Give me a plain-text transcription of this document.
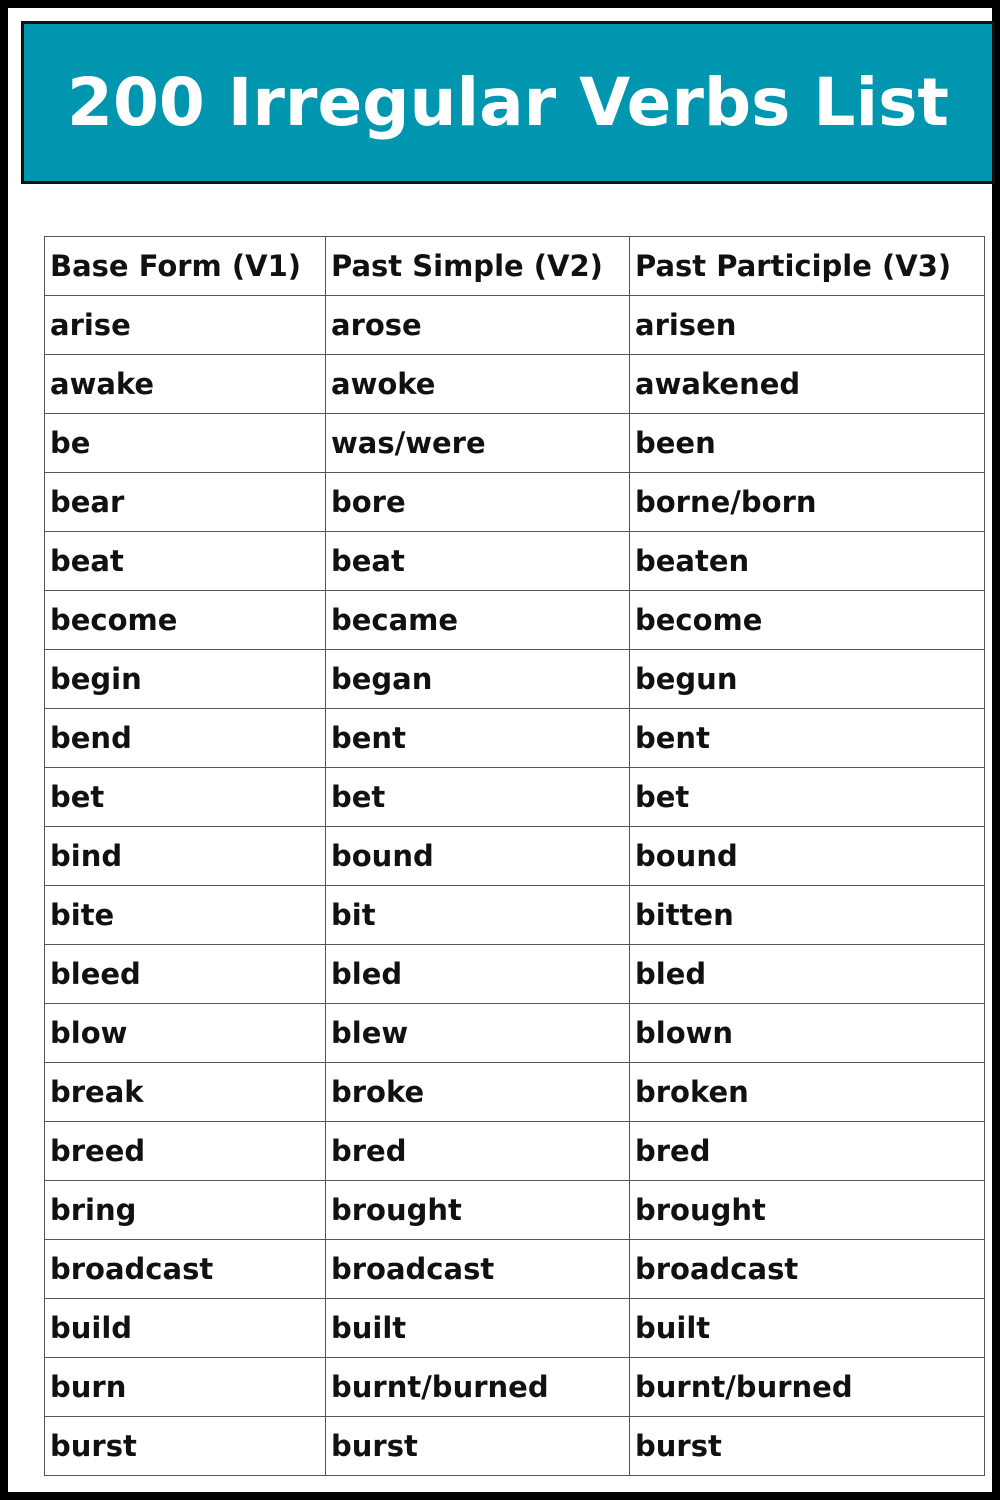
200 Irregular Verbs List
Base Form (V1)	Past Simple (V2)	Past Participle (V3)
arise	arose	arisen
awake	awoke	awakened
be	was/were	been
bear	bore	borne/born
beat	beat	beaten
become	became	become
begin	began	begun
bend	bent	bent
bet	bet	bet
bind	bound	bound
bite	bit	bitten
bleed	bled	bled
blow	blew	blown
break	broke	broken
breed	bred	bred
bring	brought	brought
broadcast	broadcast	broadcast
build	built	built
burn	burnt/burned	burnt/burned
burst	burst	burst
